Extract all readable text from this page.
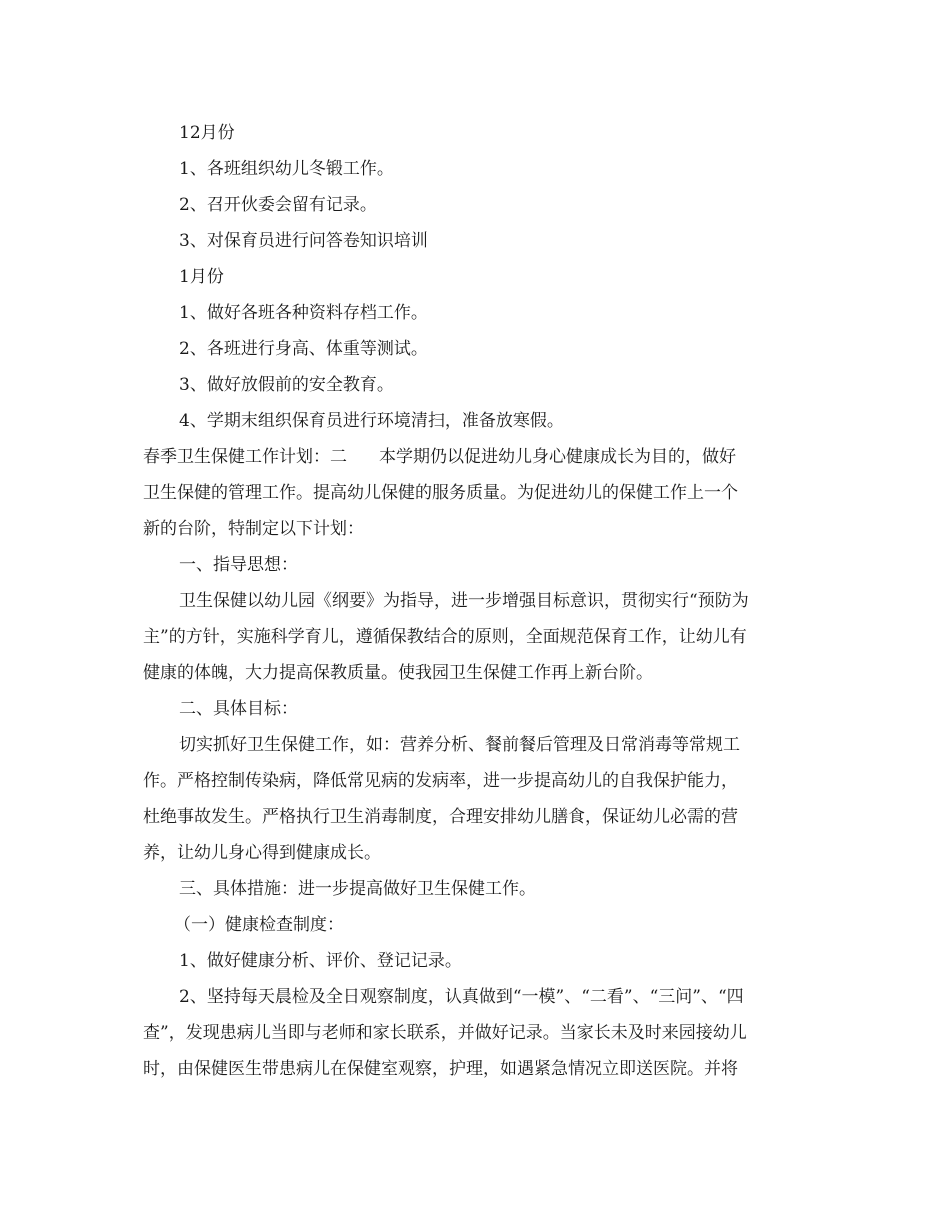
12月份
1、各班组织幼儿冬锻工作。
2、召开伙委会留有记录。
3、对保育员进行问答卷知识培训
1月份
1、做好各班各种资料存档工作。
2、各班进行身高、体重等测试。
3、做好放假前的安全教育。
4、学期末组织保育员进行环境清扫，准备放寒假。
春季卫生保健工作计划：二 本学期仍以促进幼儿身心健康成长为目的，做好
卫生保健的管理工作。提高幼儿保健的服务质量。为促进幼儿的保健工作上一个
新的台阶，特制定以下计划：
一、指导思想：
卫生保健以幼儿园《纲要》为指导，进一步增强目标意识，贯彻实行“预防为
主”的方针，实施科学育儿，遵循保教结合的原则，全面规范保育工作，让幼儿有
健康的体魄，大力提高保教质量。使我园卫生保健工作再上新台阶。
二、具体目标：
切实抓好卫生保健工作，如：营养分析、餐前餐后管理及日常消毒等常规工
作。严格控制传染病，降低常见病的发病率，进一步提高幼儿的自我保护能力，
杜绝事故发生。严格执行卫生消毒制度，合理安排幼儿膳食，保证幼儿必需的营
养，让幼儿身心得到健康成长。
三、具体措施：进一步提高做好卫生保健工作。
（一）健康检查制度：
1、做好健康分析、评价、登记记录。
2、坚持每天晨检及全日观察制度，认真做到“一模”、“二看”、“三问”、“四
查”，发现患病儿当即与老师和家长联系，并做好记录。当家长未及时来园接幼儿
时，由保健医生带患病儿在保健室观察，护理，如遇紧急情况立即送医院。并将
